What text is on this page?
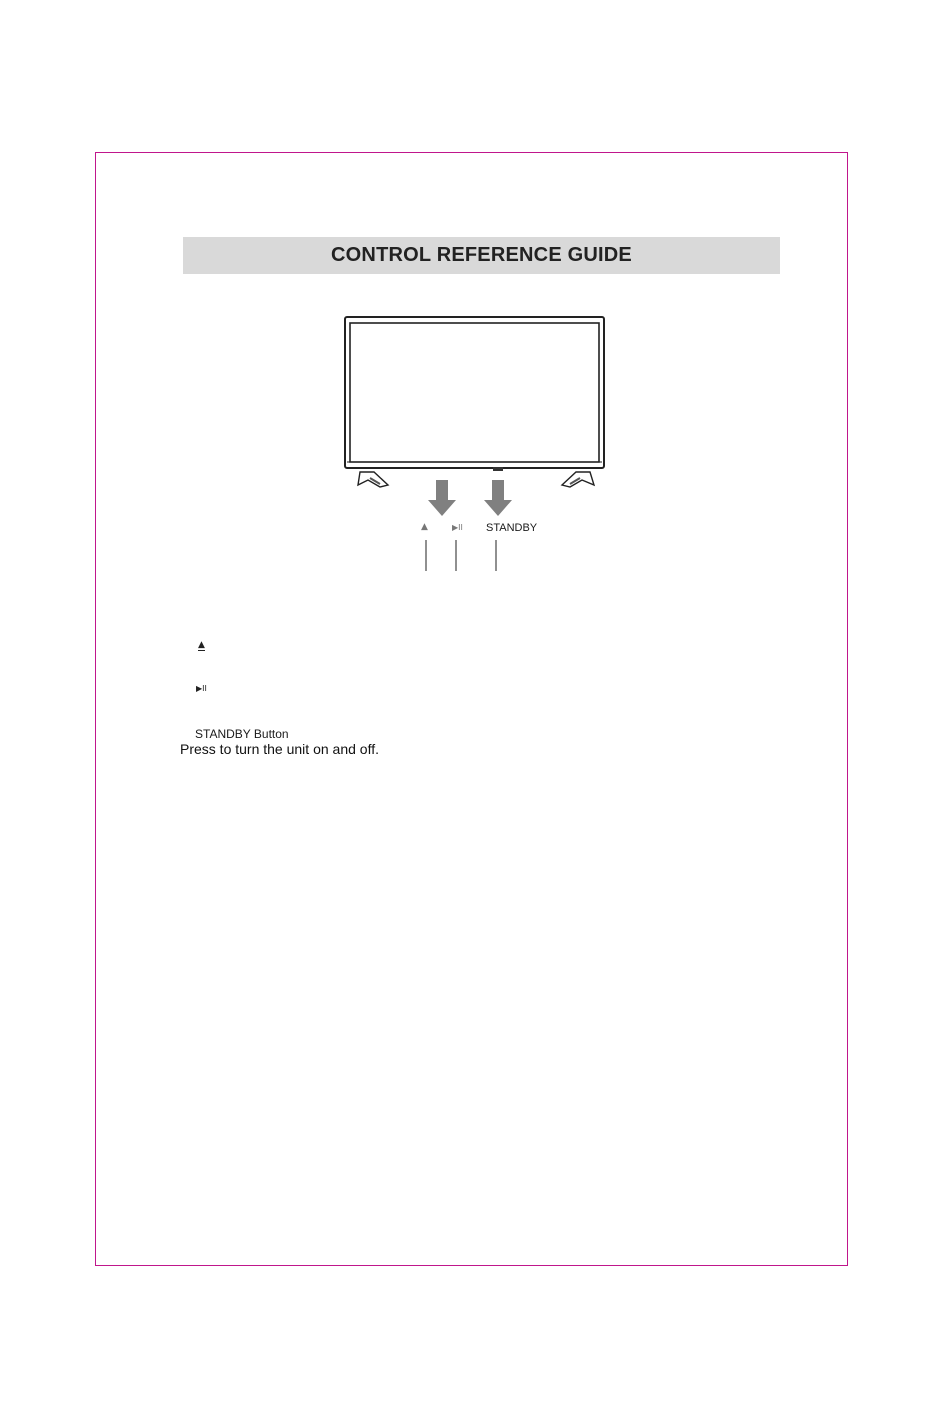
CONTROL REFERENCE GUIDE
▲	▶II STANDBY
▲
▶II
STANDBY Button
Press to turn the unit on and off.
